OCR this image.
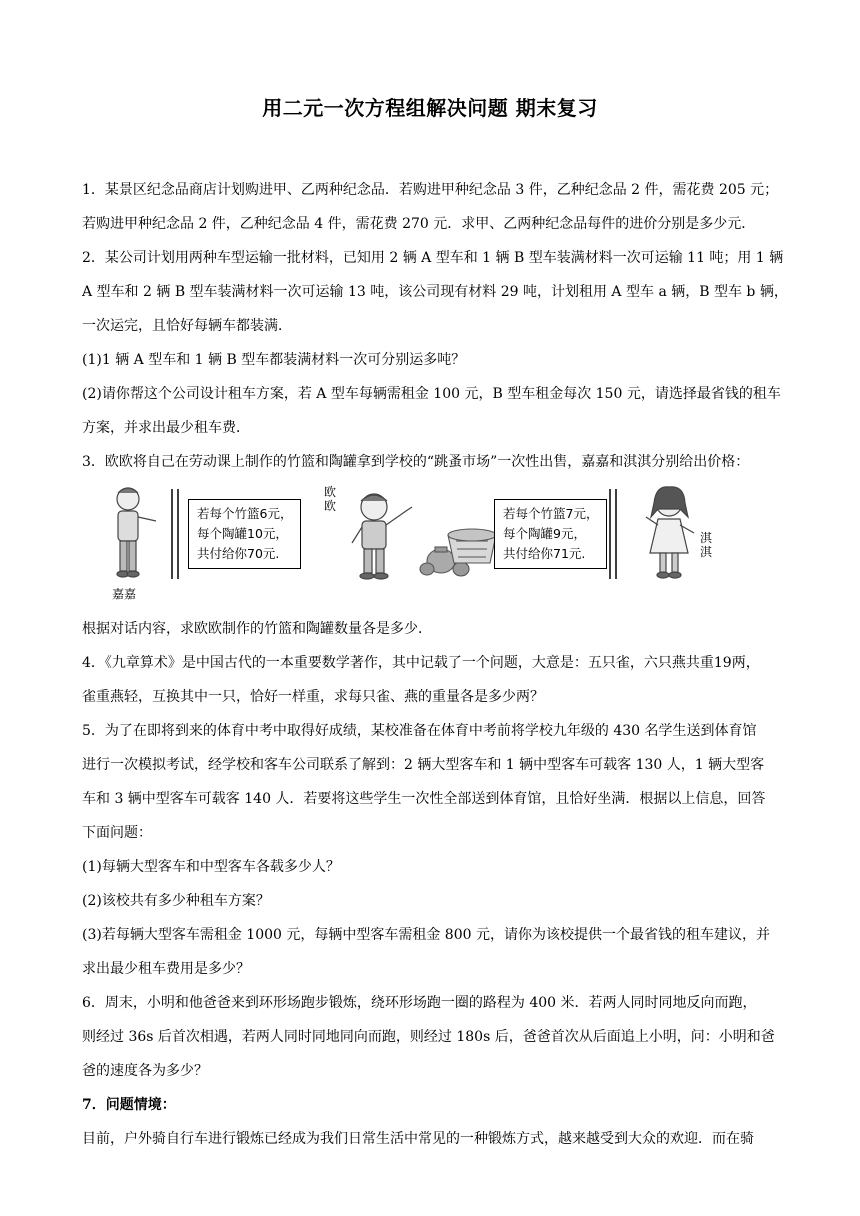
用二元一次方程组解决问题 期末复习
1．某景区纪念品商店计划购进甲、乙两种纪念品．若购进甲种纪念品 3 件，乙种纪念品 2 件，需花费 205 元；
若购进甲种纪念品 2 件，乙种纪念品 4 件，需花费 270 元．求甲、乙两种纪念品每件的进价分别是多少元．
2．某公司计划用两种车型运输一批材料，已知用 2 辆 A 型车和 1 辆 B 型车装满材料一次可运输 11 吨；用 1 辆
A 型车和 2 辆 B 型车装满材料一次可运输 13 吨，该公司现有材料 29 吨，计划租用 A 型车 a 辆，B 型车 b 辆，
一次运完，且恰好每辆车都装满．
(1)1 辆 A 型车和 1 辆 B 型车都装满材料一次可分别运多吨？
(2)请你帮这个公司设计租车方案，若 A 型车每辆需租金 100 元，B 型车租金每次 150 元，请选择最省钱的租车
方案，并求出最少租车费．
3．欧欧将自己在劳动课上制作的竹篮和陶罐拿到学校的“跳蚤市场”一次性出售，嘉嘉和淇淇分别给出价格：
若每个竹篮6元，
每个陶罐10元，
共付给你70元.
若每个竹篮7元，
每个陶罐9元，
共付给你71元.
嘉嘉
欧
欧
淇
淇
根据对话内容，求欧欧制作的竹篮和陶罐数量各是多少．
4．《九章算术》是中国古代的一本重要数学著作，其中记载了一个问题，大意是：五只雀，六只燕共重19两，
雀重燕轻，互换其中一只，恰好一样重，求每只雀、燕的重量各是多少两？
5．为了在即将到来的体育中考中取得好成绩，某校准备在体育中考前将学校九年级的 430 名学生送到体育馆
进行一次模拟考试，经学校和客车公司联系了解到：2 辆大型客车和 1 辆中型客车可载客 130 人，1 辆大型客
车和 3 辆中型客车可载客 140 人．若要将这些学生一次性全部送到体育馆，且恰好坐满．根据以上信息，回答
下面问题：
(1)每辆大型客车和中型客车各载多少人？
(2)该校共有多少种租车方案？
(3)若每辆大型客车需租金 1000 元，每辆中型客车需租金 800 元，请你为该校提供一个最省钱的租车建议，并
求出最少租车费用是多少？
6．周末，小明和他爸爸来到环形场跑步锻炼，绕环形场跑一圈的路程为 400 米．若两人同时同地反向而跑，
则经过 36s 后首次相遇，若两人同时同地同向而跑，则经过 180s 后，爸爸首次从后面追上小明，问：小明和爸
爸的速度各为多少？
7．问题情境：
目前，户外骑自行车进行锻炼已经成为我们日常生活中常见的一种锻炼方式，越来越受到大众的欢迎．而在骑
